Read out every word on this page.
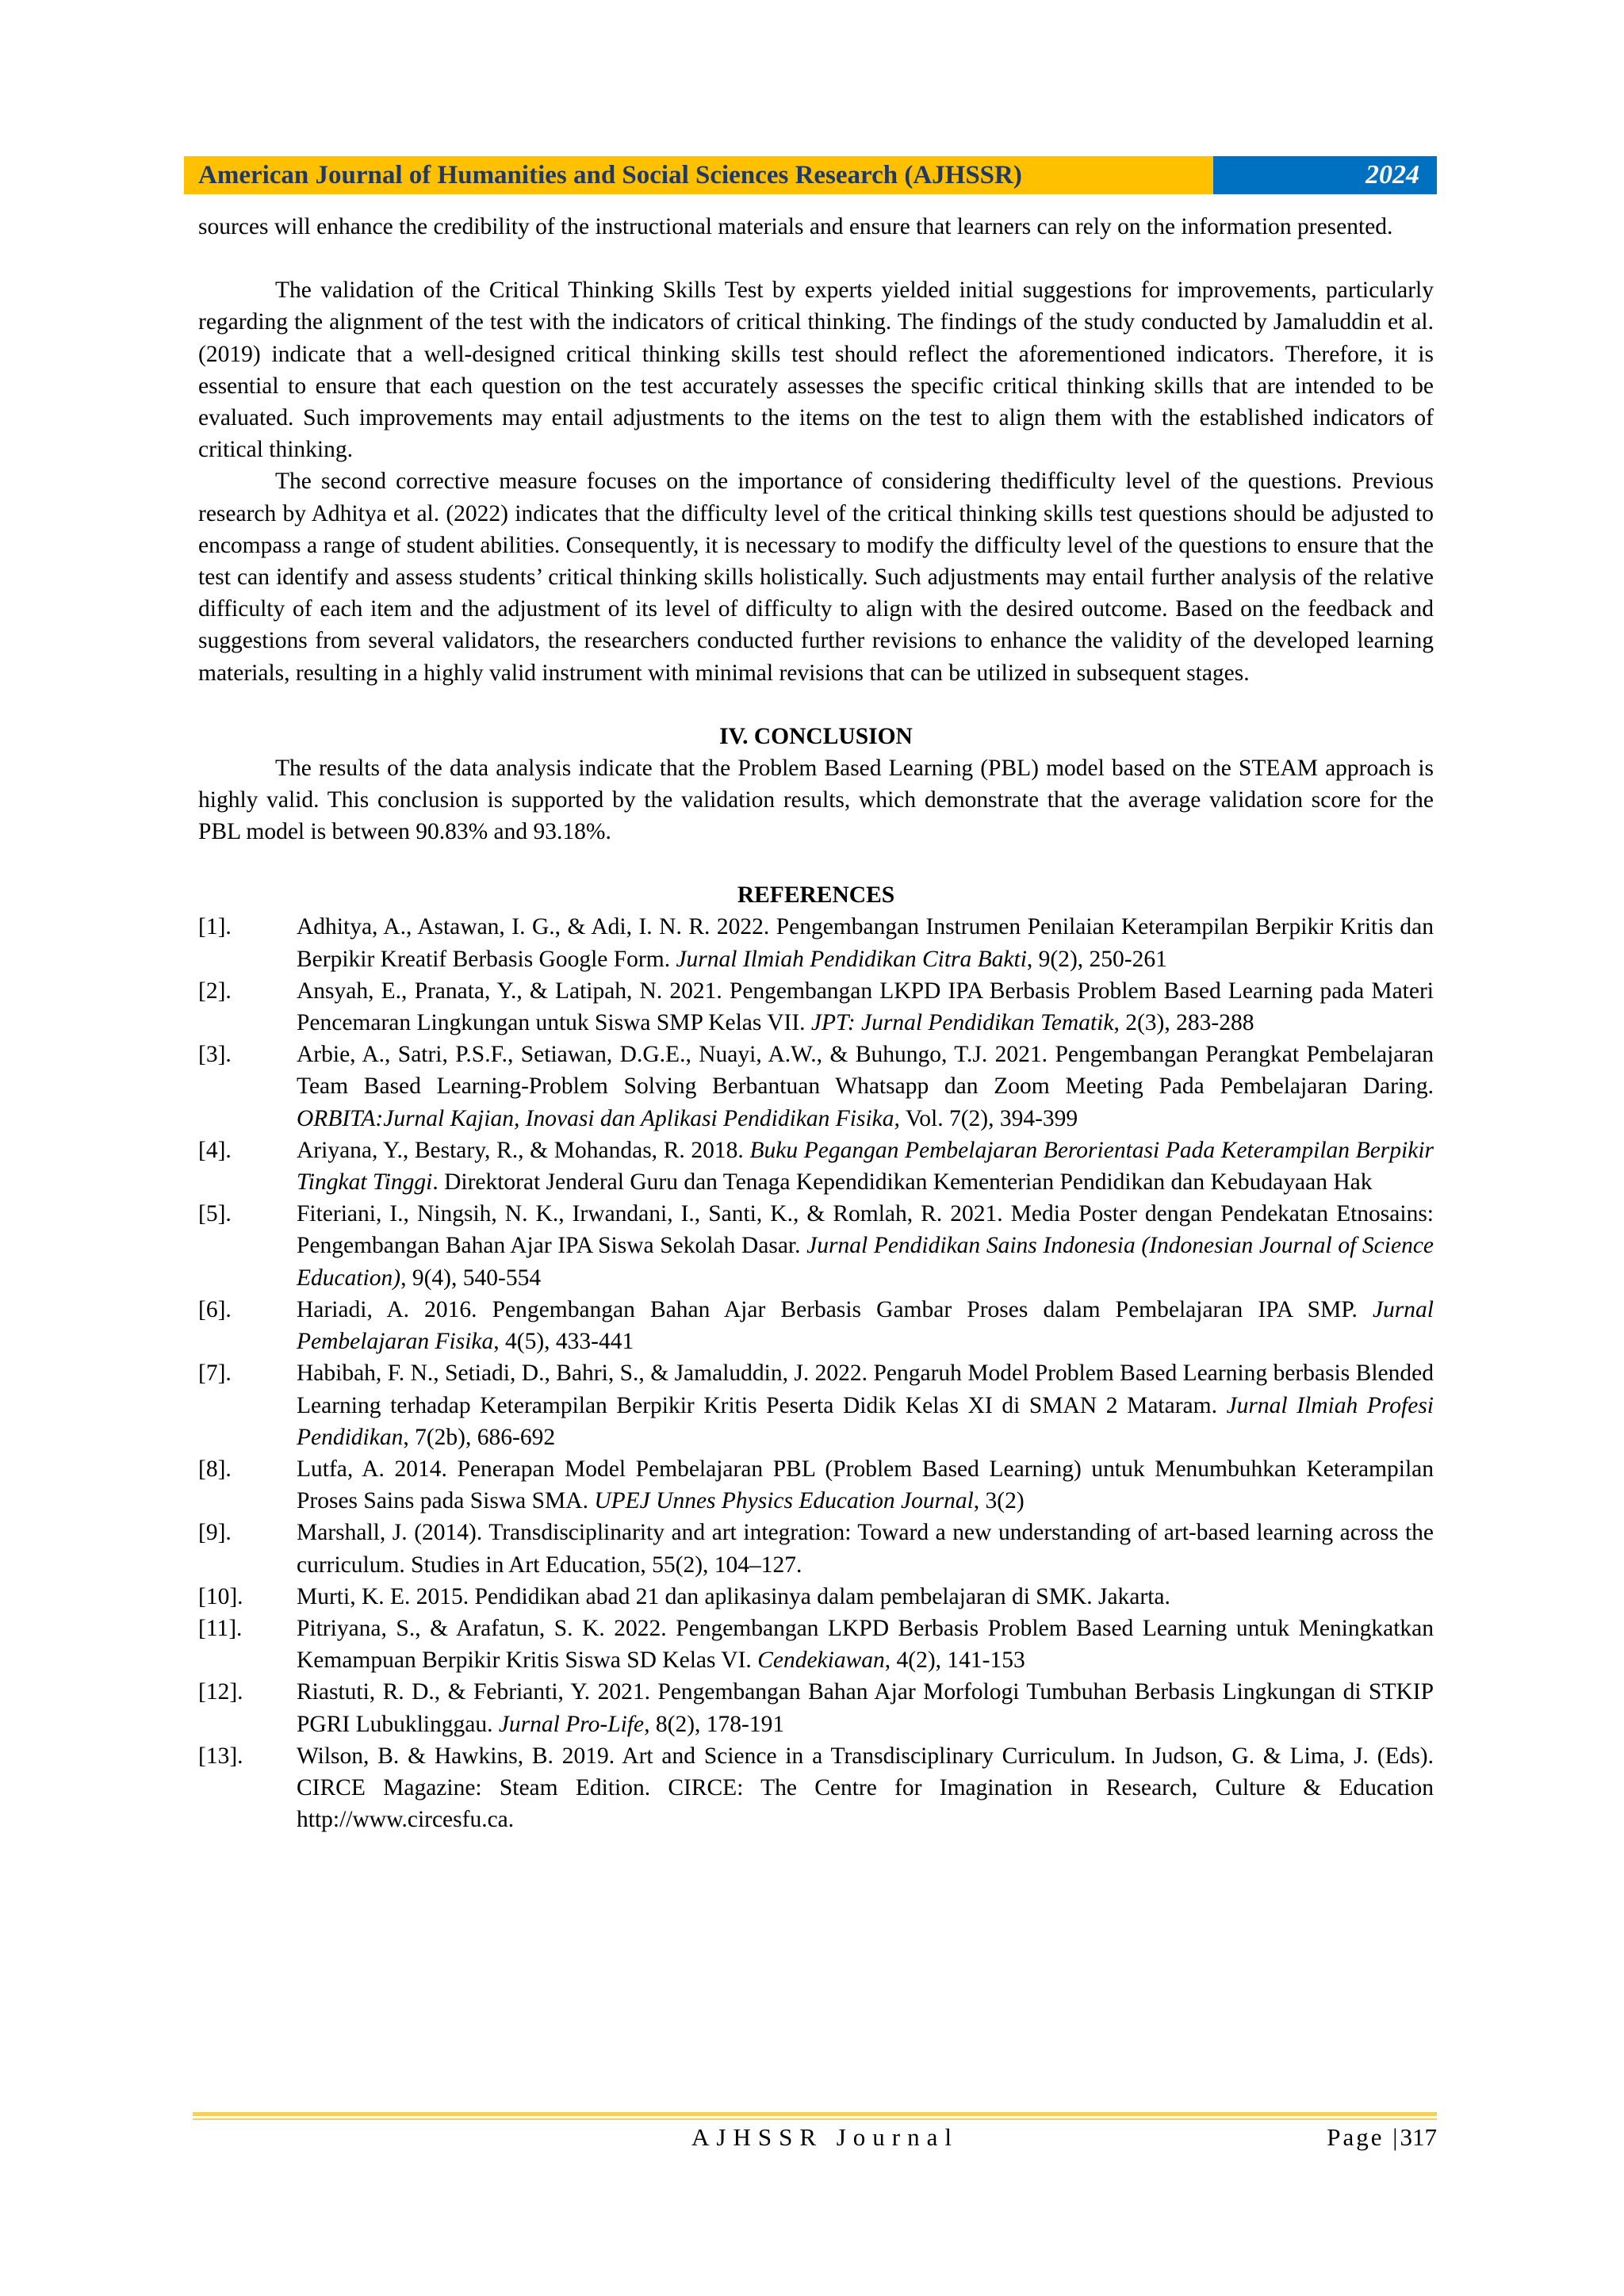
American Journal of Humanities and Social Sciences Research (AJHSSR)	2024

sources will enhance the credibility of the instructional materials and ensure that learners can rely on the information presented.

The validation of the Critical Thinking Skills Test by experts yielded initial suggestions for improvements, particularly regarding the alignment of the test with the indicators of critical thinking. The findings of the study conducted by Jamaluddin et al. (2019) indicate that a well-designed critical thinking skills test should reflect the aforementioned indicators. Therefore, it is essential to ensure that each question on the test accurately assesses the specific critical thinking skills that are intended to be evaluated. Such improvements may entail adjustments to the items on the test to align them with the established indicators of critical thinking.

The second corrective measure focuses on the importance of considering thedifficulty level of the questions. Previous research by Adhitya et al. (2022) indicates that the difficulty level of the critical thinking skills test questions should be adjusted to encompass a range of student abilities. Consequently, it is necessary to modify the difficulty level of the questions to ensure that the test can identify and assess students’ critical thinking skills holistically. Such adjustments may entail further analysis of the relative difficulty of each item and the adjustment of its level of difficulty to align with the desired outcome. Based on the feedback and suggestions from several validators, the researchers conducted further revisions to enhance the validity of the developed learning materials, resulting in a highly valid instrument with minimal revisions that can be utilized in subsequent stages.

IV. CONCLUSION

The results of the data analysis indicate that the Problem Based Learning (PBL) model based on the STEAM approach is highly valid. This conclusion is supported by the validation results, which demonstrate that the average validation score for the PBL model is between 90.83% and 93.18%.

REFERENCES
[1].	Adhitya, A., Astawan, I. G., & Adi, I. N. R. 2022. Pengembangan Instrumen Penilaian Keterampilan Berpikir Kritis dan Berpikir Kreatif Berbasis Google Form. Jurnal Ilmiah Pendidikan Citra Bakti, 9(2), 250-261
[2].	Ansyah, E., Pranata, Y., & Latipah, N. 2021. Pengembangan LKPD IPA Berbasis Problem Based Learning pada Materi Pencemaran Lingkungan untuk Siswa SMP Kelas VII. JPT: Jurnal Pendidikan Tematik, 2(3), 283-288
[3].	Arbie, A., Satri, P.S.F., Setiawan, D.G.E., Nuayi, A.W., & Buhungo, T.J. 2021. Pengembangan Perangkat Pembelajaran Team Based Learning-Problem Solving Berbantuan Whatsapp dan Zoom Meeting Pada Pembelajaran Daring. ORBITA:Jurnal Kajian, Inovasi dan Aplikasi Pendidikan Fisika, Vol. 7(2), 394-399
[4].	Ariyana, Y., Bestary, R., & Mohandas, R. 2018. Buku Pegangan Pembelajaran Berorientasi Pada Keterampilan Berpikir Tingkat Tinggi. Direktorat Jenderal Guru dan Tenaga Kependidikan Kementerian Pendidikan dan Kebudayaan Hak
[5].	Fiteriani, I., Ningsih, N. K., Irwandani, I., Santi, K., & Romlah, R. 2021. Media Poster dengan Pendekatan Etnosains: Pengembangan Bahan Ajar IPA Siswa Sekolah Dasar. Jurnal Pendidikan Sains Indonesia (Indonesian Journal of Science Education), 9(4), 540-554
[6].	Hariadi, A. 2016. Pengembangan Bahan Ajar Berbasis Gambar Proses dalam Pembelajaran IPA SMP. Jurnal Pembelajaran Fisika, 4(5), 433-441
[7].	Habibah, F. N., Setiadi, D., Bahri, S., & Jamaluddin, J. 2022. Pengaruh Model Problem Based Learning berbasis Blended Learning terhadap Keterampilan Berpikir Kritis Peserta Didik Kelas XI di SMAN 2 Mataram. Jurnal Ilmiah Profesi Pendidikan, 7(2b), 686-692
[8].	Lutfa, A. 2014. Penerapan Model Pembelajaran PBL (Problem Based Learning) untuk Menumbuhkan Keterampilan Proses Sains pada Siswa SMA. UPEJ Unnes Physics Education Journal, 3(2)
[9].	Marshall, J. (2014). Transdisciplinarity and art integration: Toward a new understanding of art-based learning across the curriculum. Studies in Art Education, 55(2), 104–127.
[10].	Murti, K. E. 2015. Pendidikan abad 21 dan aplikasinya dalam pembelajaran di SMK. Jakarta.
[11].	Pitriyana, S., & Arafatun, S. K. 2022. Pengembangan LKPD Berbasis Problem Based Learning untuk Meningkatkan Kemampuan Berpikir Kritis Siswa SD Kelas VI. Cendekiawan, 4(2), 141-153
[12].	Riastuti, R. D., & Febrianti, Y. 2021. Pengembangan Bahan Ajar Morfologi Tumbuhan Berbasis Lingkungan di STKIP PGRI Lubuklinggau. Jurnal Pro-Life, 8(2), 178-191
[13].	Wilson, B. & Hawkins, B. 2019. Art and Science in a Transdisciplinary Curriculum. In Judson, G. & Lima, J. (Eds). CIRCE Magazine: Steam Edition. CIRCE: The Centre for Imagination in Research, Culture & Education http://www.circesfu.ca.
AJHSSR Journal	Page |317
